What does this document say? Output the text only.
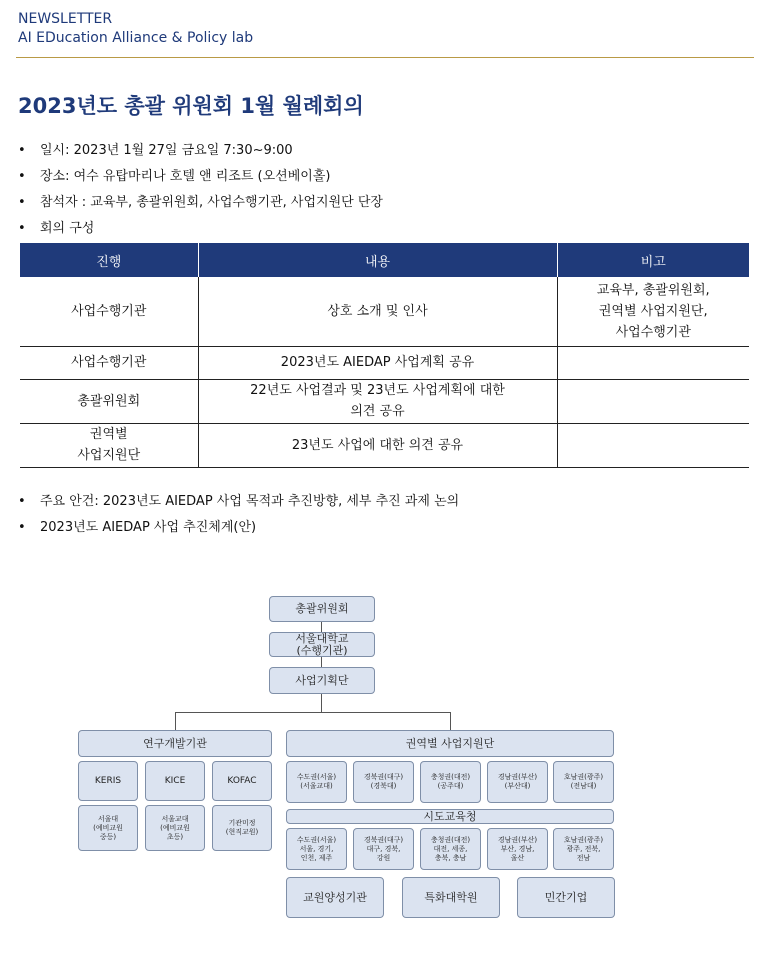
NEWSLETTER
AI EDucation Alliance & Policy lab
2023년도 총괄 위원회 1월 월례회의
• 일시: 2023년 1월 27일 금요일 7:30~9:00
• 장소: 여수 유탑마리나 호텔 앤 리조트 (오션베이홀)
• 참석자 : 교육부, 총괄위원회, 사업수행기관, 사업지원단 단장
• 회의 구성
진행	내용	비고
사업수행기관	상호 소개 및 인사	교육부, 총괄위원회,
권역별 사업지원단,
사업수행기관
사업수행기관	2023년도 AIEDAP 사업계획 공유	
총괄위원회	22년도 사업결과 및 23년도 사업계획에 대한
의견 공유	
권역별
사업지원단	23년도 사업에 대한 의견 공유	
• 주요 안건: 2023년도 AIEDAP 사업 목적과 추진방향, 세부 추진 과제 논의
• 2023년도 AIEDAP 사업 추진체계(안)
총괄위원회
서울대학교
(수행기관)
사업기획단
연구개발기관	권역별 사업지원단
KERIS	KICE	KOFAC
서울대
(예비교원
중등)
서울교대
(예비교원
초등)
기관미정
(현직교원)
수도권(서울)
(서울교대)
경북권(대구)
(경북대)
충청권(대전)
(공주대)
경남권(부산)
(부산대)
호남권(광주)
(전남대)
시도교육청
수도권(서울)
서울, 경기,
인천, 제주
경북권(대구)
대구, 경북,
강원
충청권(대전)
대전, 세종,
충북, 충남
경남권(부산)
부산, 경남,
울산
호남권(광주)
광주, 전북,
전남
교원양성기관	특화대학원	민간기업
